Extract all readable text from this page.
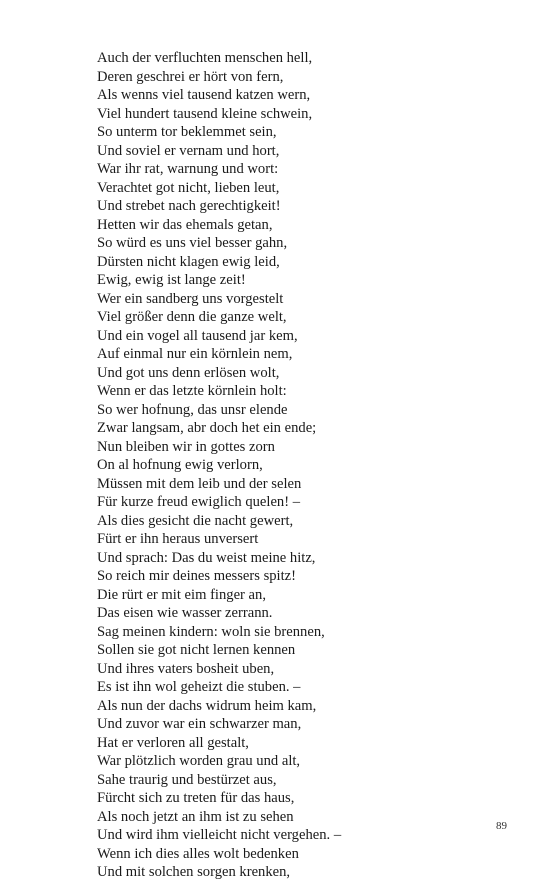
Auch der verfluchten menschen hell,
Deren geschrei er hört von fern,
Als wenns viel tausend katzen wern,
Viel hundert tausend kleine schwein,
So unterm tor beklemmet sein,
Und soviel er vernam und hort,
War ihr rat, warnung und wort:
Verachtet got nicht, lieben leut,
Und strebet nach gerechtigkeit!
Hetten wir das ehemals getan,
So würd es uns viel besser gahn,
Dürsten nicht klagen ewig leid,
Ewig, ewig ist lange zeit!
Wer ein sandberg uns vorgestelt
Viel größer denn die ganze welt,
Und ein vogel all tausend jar kem,
Auf einmal nur ein körnlein nem,
Und got uns denn erlösen wolt,
Wenn er das letzte körnlein holt:
So wer hofnung, das unsr elende
Zwar langsam, abr doch het ein ende;
Nun bleiben wir in gottes zorn
On al hofnung ewig verlorn,
Müssen mit dem leib und der selen
Für kurze freud ewiglich quelen! –
Als dies gesicht die nacht gewert,
Fürt er ihn heraus unversert
Und sprach: Das du weist meine hitz,
So reich mir deines messers spitz!
Die rürt er mit eim finger an,
Das eisen wie wasser zerrann.
Sag meinen kindern: woln sie brennen,
Sollen sie got nicht lernen kennen
Und ihres vaters bosheit uben,
Es ist ihn wol geheizt die stuben. –
Als nun der dachs widrum heim kam,
Und zuvor war ein schwarzer man,
Hat er verloren all gestalt,
War plötzlich worden grau und alt,
Sahe traurig und bestürzet aus,
Fürcht sich zu treten für das haus,
Als noch jetzt an ihm ist zu sehen
Und wird ihm vielleicht nicht vergehen. –
Wenn ich dies alles wolt bedenken
Und mit solchen sorgen krenken,
89
